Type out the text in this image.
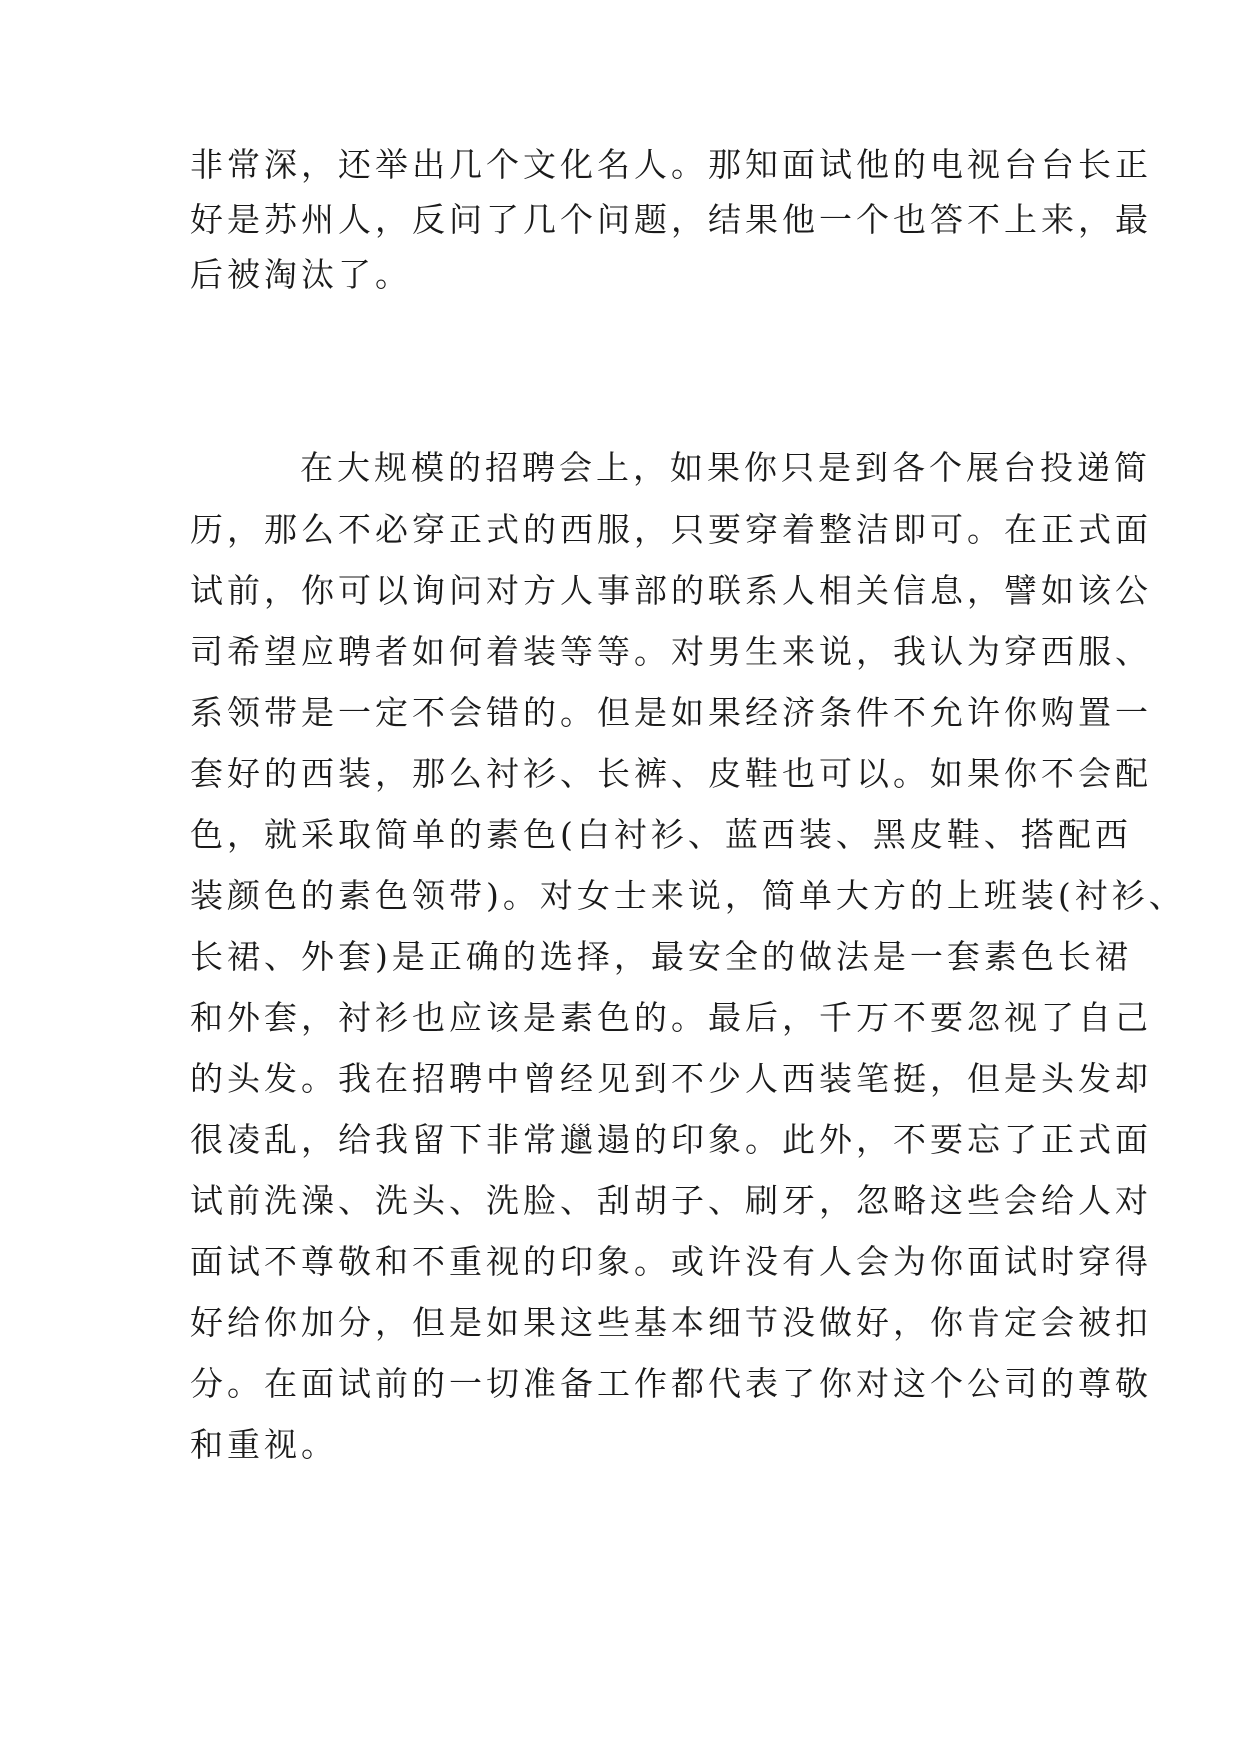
非常深，还举出几个文化名人。那知面试他的电视台台长正

好是苏州人，反问了几个问题，结果他一个也答不上来，最

后被淘汰了。

在大规模的招聘会上，如果你只是到各个展台投递简

历，那么不必穿正式的西服，只要穿着整洁即可。在正式面

试前，你可以询问对方人事部的联系人相关信息，譬如该公

司希望应聘者如何着装等等。对男生来说，我认为穿西服、

系领带是一定不会错的。但是如果经济条件不允许你购置一

套好的西装，那么衬衫、长裤、皮鞋也可以。如果你不会配

色，就采取简单的素色(白衬衫、蓝西装、黑皮鞋、搭配西

装颜色的素色领带)。对女士来说，简单大方的上班装(衬衫、

长裙、外套)是正确的选择，最安全的做法是一套素色长裙

和外套，衬衫也应该是素色的。最后，千万不要忽视了自己

的头发。我在招聘中曾经见到不少人西装笔挺，但是头发却

很凌乱，给我留下非常邋遢的印象。此外，不要忘了正式面

试前洗澡、洗头、洗脸、刮胡子、刷牙，忽略这些会给人对

面试不尊敬和不重视的印象。或许没有人会为你面试时穿得

好给你加分，但是如果这些基本细节没做好，你肯定会被扣

分。在面试前的一切准备工作都代表了你对这个公司的尊敬

和重视。
